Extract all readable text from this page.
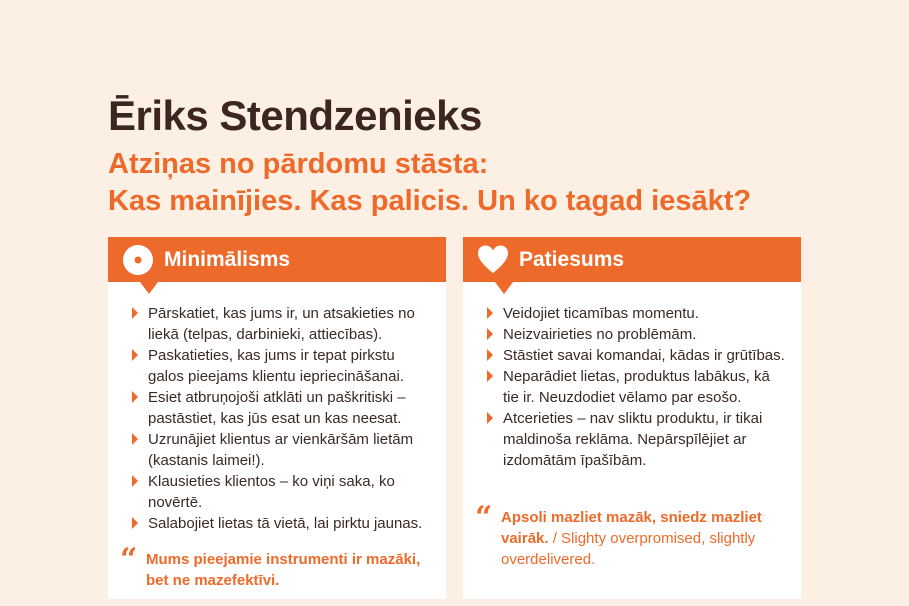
Ēriks Stendzenieks
Atziņas no pārdomu stāsta:
Kas mainījies. Kas palicis. Un ko tagad iesākt?
Minimālisms
Pārskatiet, kas jums ir, un atsakieties no liekā (telpas, darbinieki, attiecības).
Paskatieties, kas jums ir tepat pirkstu galos pieejams klientu iepriecināšanai.
Esiet atbruņojoši atklāti un paškritiski – pastāstiet, kas jūs esat un kas neesat.
Uzrunājiet klientus ar vienkāršām lietām (kastanis laimei!).
Klausieties klientos – ko viņi saka, ko novērtē.
Salabojiet lietas tā vietā, lai pirktu jaunas.
“ Mums pieejamie instrumenti ir mazāki, bet ne mazefektīvi.
Patiesums
Veidojiet ticamības momentu.
Neizvairieties no problēmām.
Stāstiet savai komandai, kādas ir grūtības.
Neparādiet lietas, produktus labākus, kā tie ir. Neuzdodiet vēlamo par esošo.
Atcerieties – nav sliktu produktu, ir tikai maldinoša reklāma. Nepārspīlējiet ar izdomātām īpašībām.
“ Apsoli mazliet mazāk, sniedz mazliet vairāk. / Slighty overpromised, slightly overdelivered.
